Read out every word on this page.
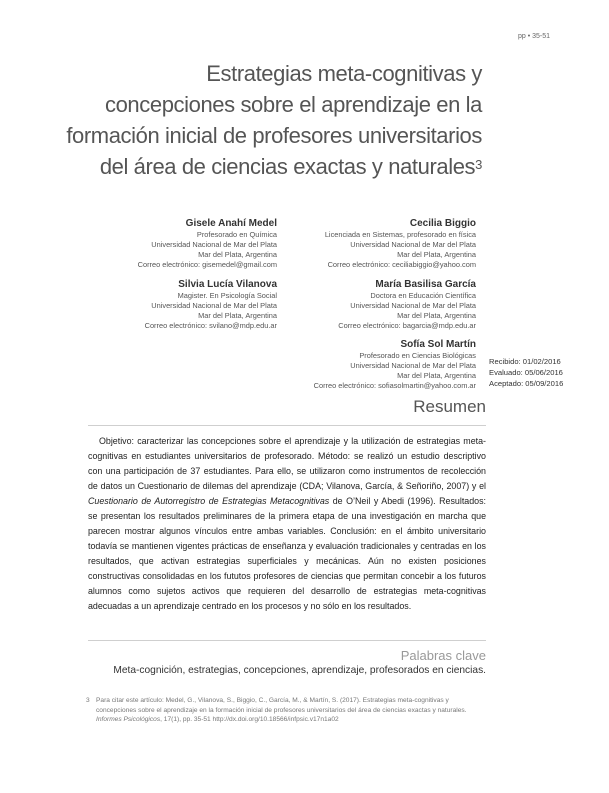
pp • 35-51
Estrategias meta-cognitivas y
concepciones sobre el aprendizaje en la
formación inicial de profesores universitarios
del área de ciencias exactas y naturales$^3$
Gisele Anahí Medel
Profesorado en Química
Universidad Nacional de Mar del Plata
Mar del Plata, Argentina
Correo electrónico: gisemedel@gmail.com
Silvia Lucía Vilanova
Magister. En Psicología Social
Universidad Nacional de Mar del Plata
Mar del Plata, Argentina
Correo electrónico: svilano@mdp.edu.ar
Cecilia Biggio
Licenciada en Sistemas, profesorado en física
Universidad Nacional de Mar del Plata
Mar del Plata, Argentina
Correo electrónico: ceciliabiggio@yahoo.com
María Basilisa García
Doctora en Educación Científica
Universidad Nacional de Mar del Plata
Mar del Plata, Argentina
Correo electrónico: bagarcia@mdp.edu.ar
Sofía Sol Martín
Profesorado en Ciencias Biológicas
Universidad Nacional de Mar del Plata
Mar del Plata, Argentina
Correo electrónico: sofiasolmartin@yahoo.com.ar
Recibido: 01/02/2016
Evaluado: 05/06/2016
Aceptado: 05/09/2016
Resumen

Objetivo: caracterizar las concepciones sobre el aprendizaje y la utilización de estrategias meta-cognitivas en estudiantes universitarios de profesorado. Método: se realizó un estudio descriptivo con una participación de 37 estudiantes. Para ello, se utilizaron como instrumentos de recolección de datos un Cuestionario de dilemas del aprendizaje (CDA; Vilanova, García, & Señoriño, 2007) y el Cuestionario de Autorregistro de Estrategias Metacognitivas de O’Neil y Abedi (1996). Resultados: se presentan los resultados preliminares de la primera etapa de una investigación en marcha que parecen mostrar algunos vínculos entre ambas variables. Conclusión: en el ámbito universitario todavía se mantienen vigentes prácticas de enseñanza y evaluación tradicionales y centradas en los resultados, que activan estrategias superficiales y mecánicas. Aún no existen posiciones constructivas consolidadas en los fututos profesores de ciencias que permitan concebir a los futuros alumnos como sujetos activos que requieren del desarrollo de estrategias meta-cognitivas adecuadas a un aprendizaje centrado en los procesos y no sólo en los resultados.

Palabras clave
Meta-cognición, estrategias, concepciones, aprendizaje, profesorados en ciencias.
3 Para citar este artículo: Medel, G., Vilanova, S., Biggio, C., García, M., & Martín, S. (2017). Estrategias meta-cognitivas y concepciones sobre el aprendizaje en la formación inicial de profesores universitarios del área de ciencias exactas y naturales. Informes Psicológicos, 17(1), pp. 35-51 http://dx.doi.org/10.18566/infpsic.v17n1a02
